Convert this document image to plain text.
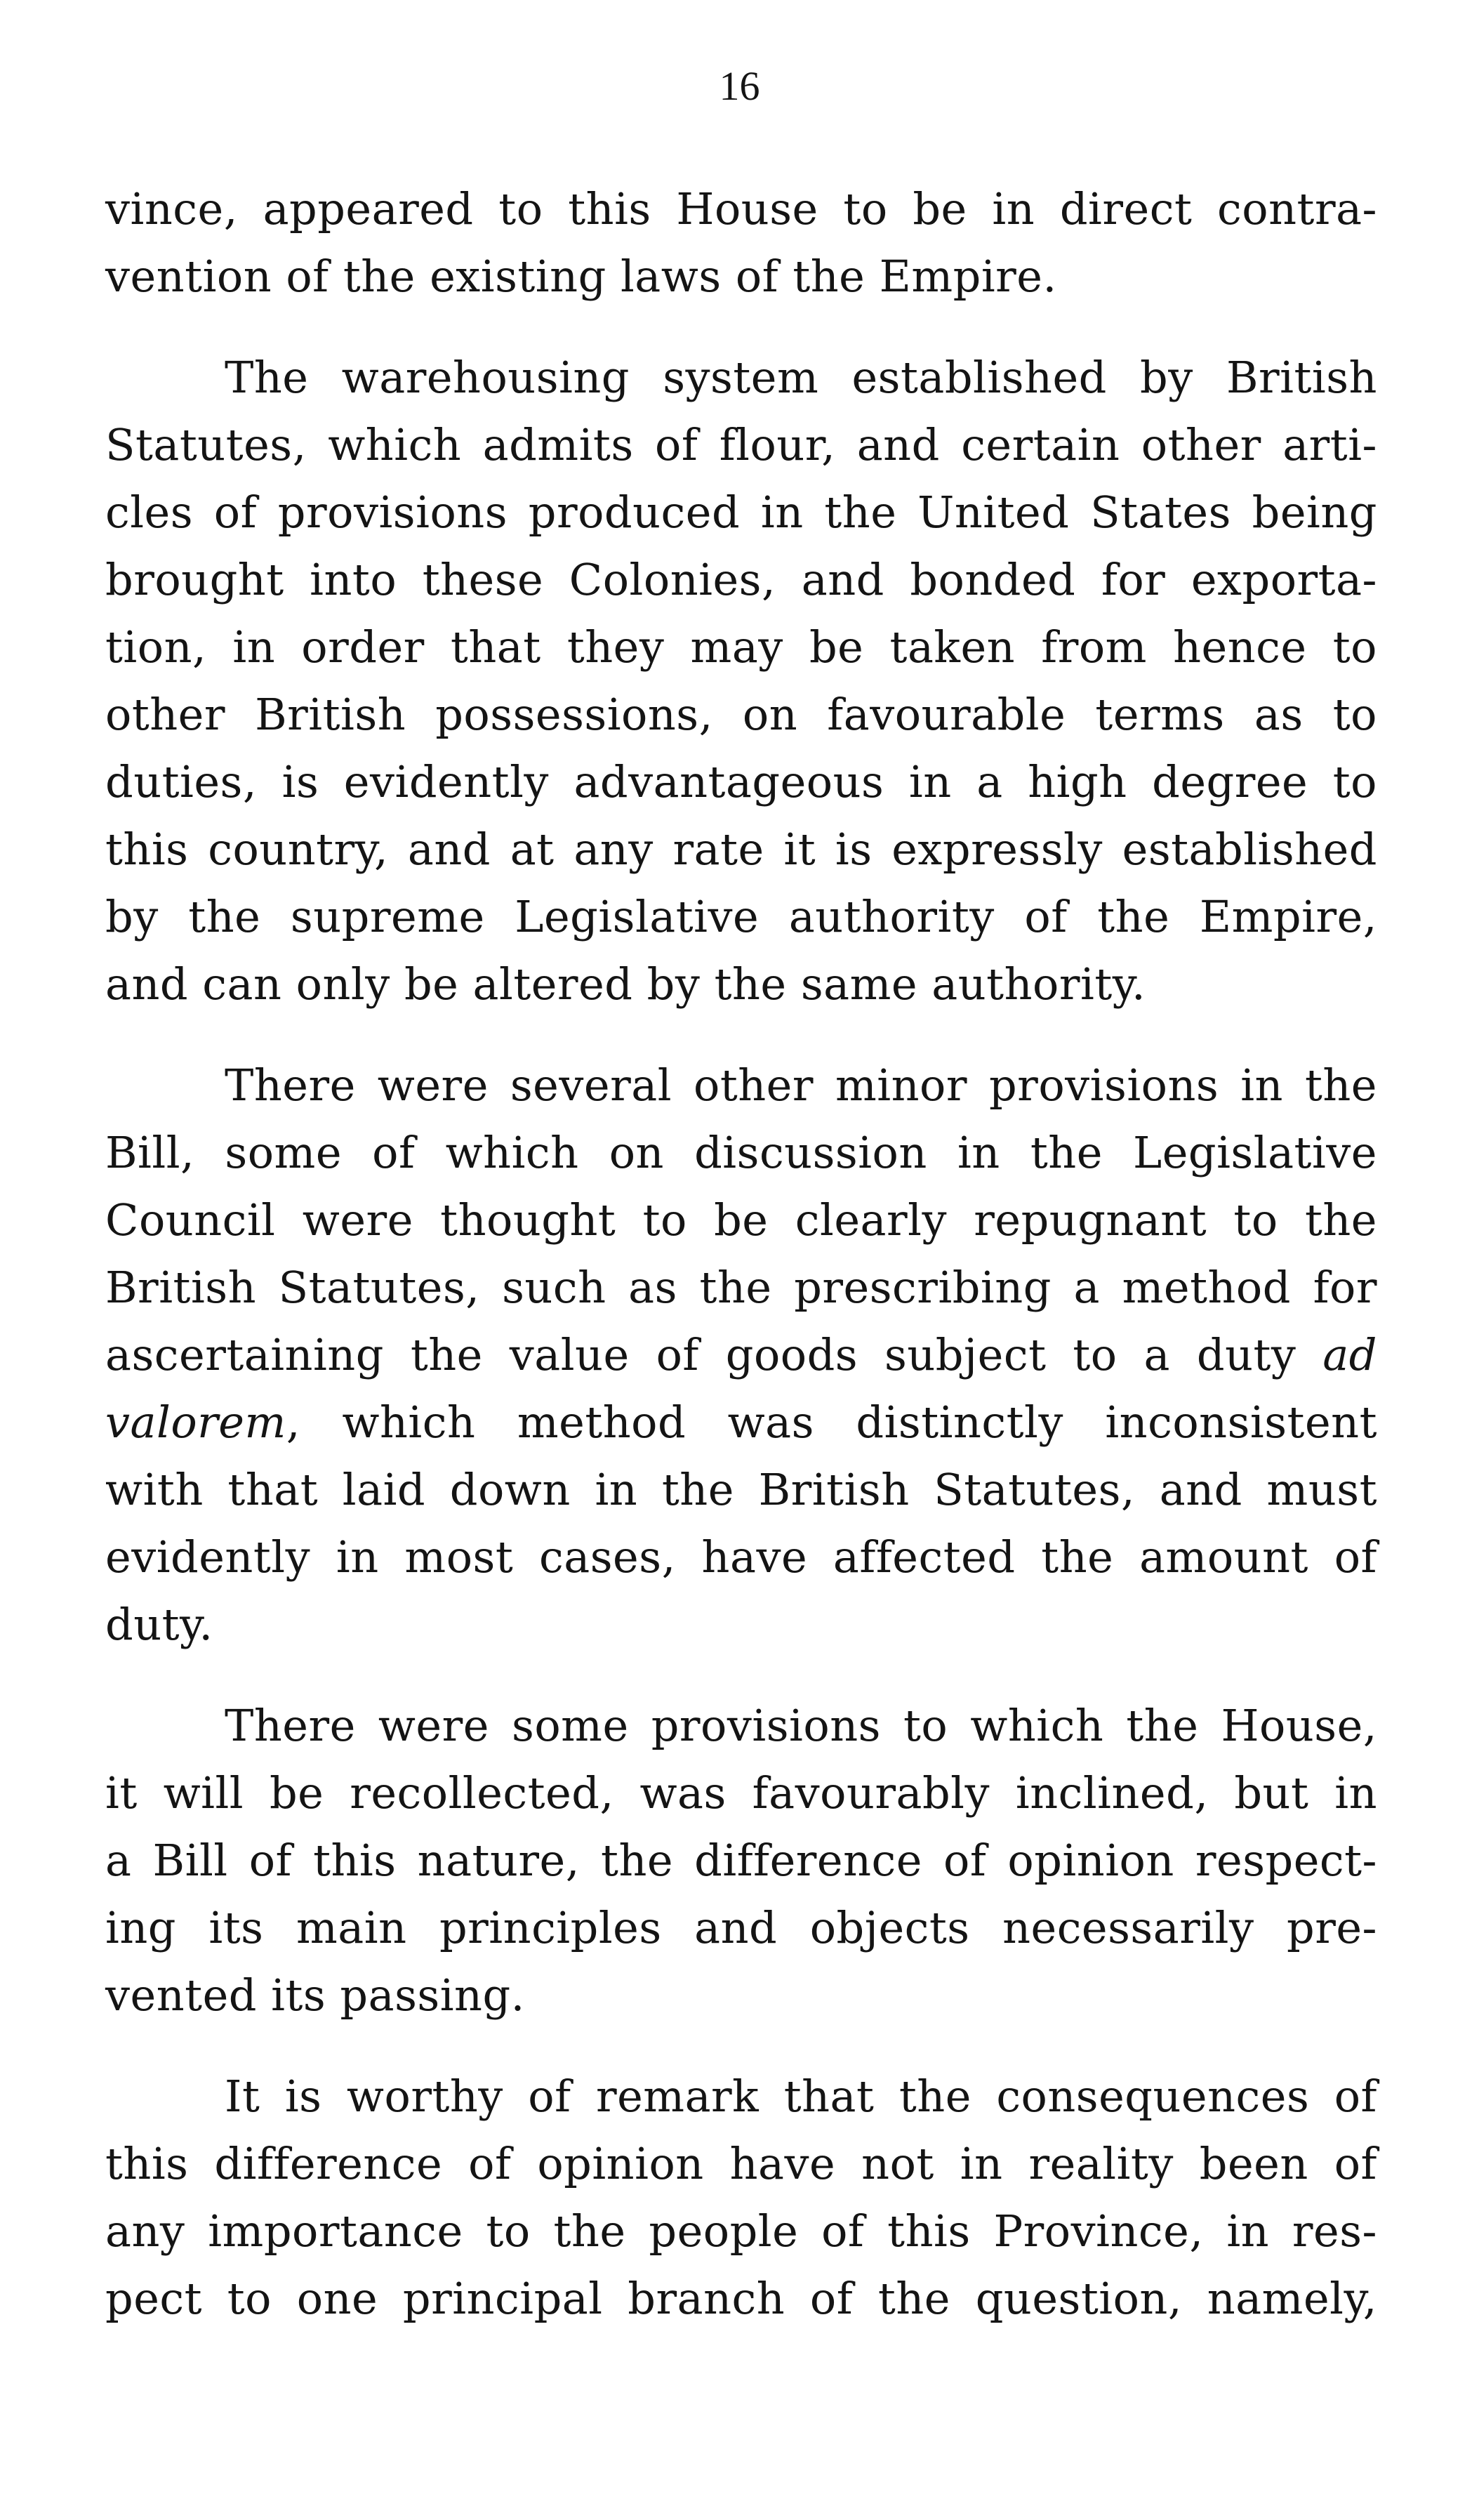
16

vince, appeared to this House to be in direct contra-
vention of the existing laws of the Empire.

The warehousing system established by British
Statutes, which admits of flour, and certain other arti-
cles of provisions produced in the United States being
brought into these Colonies, and bonded for exporta-
tion, in order that they may be taken from hence to
other British possessions, on favourable terms as to
duties, is evidently advantageous in a high degree to
this country, and at any rate it is expressly established
by the supreme Legislative authority of the Empire,
and can only be altered by the same authority.

There were several other minor provisions in the
Bill, some of which on discussion in the Legislative
Council were thought to be clearly repugnant to the
British Statutes, such as the prescribing a method for
ascertaining the value of goods subject to a duty ad
valorem, which method was distinctly inconsistent
with that laid down in the British Statutes, and must
evidently in most cases, have affected the amount of
duty.

There were some provisions to which the House,
it will be recollected, was favourably inclined, but in
a Bill of this nature, the difference of opinion respect-
ing its main principles and objects necessarily pre-
vented its passing.

It is worthy of remark that the consequences of
this difference of opinion have not in reality been of
any importance to the people of this Province, in res-
pect to one principal branch of the question, namely,
